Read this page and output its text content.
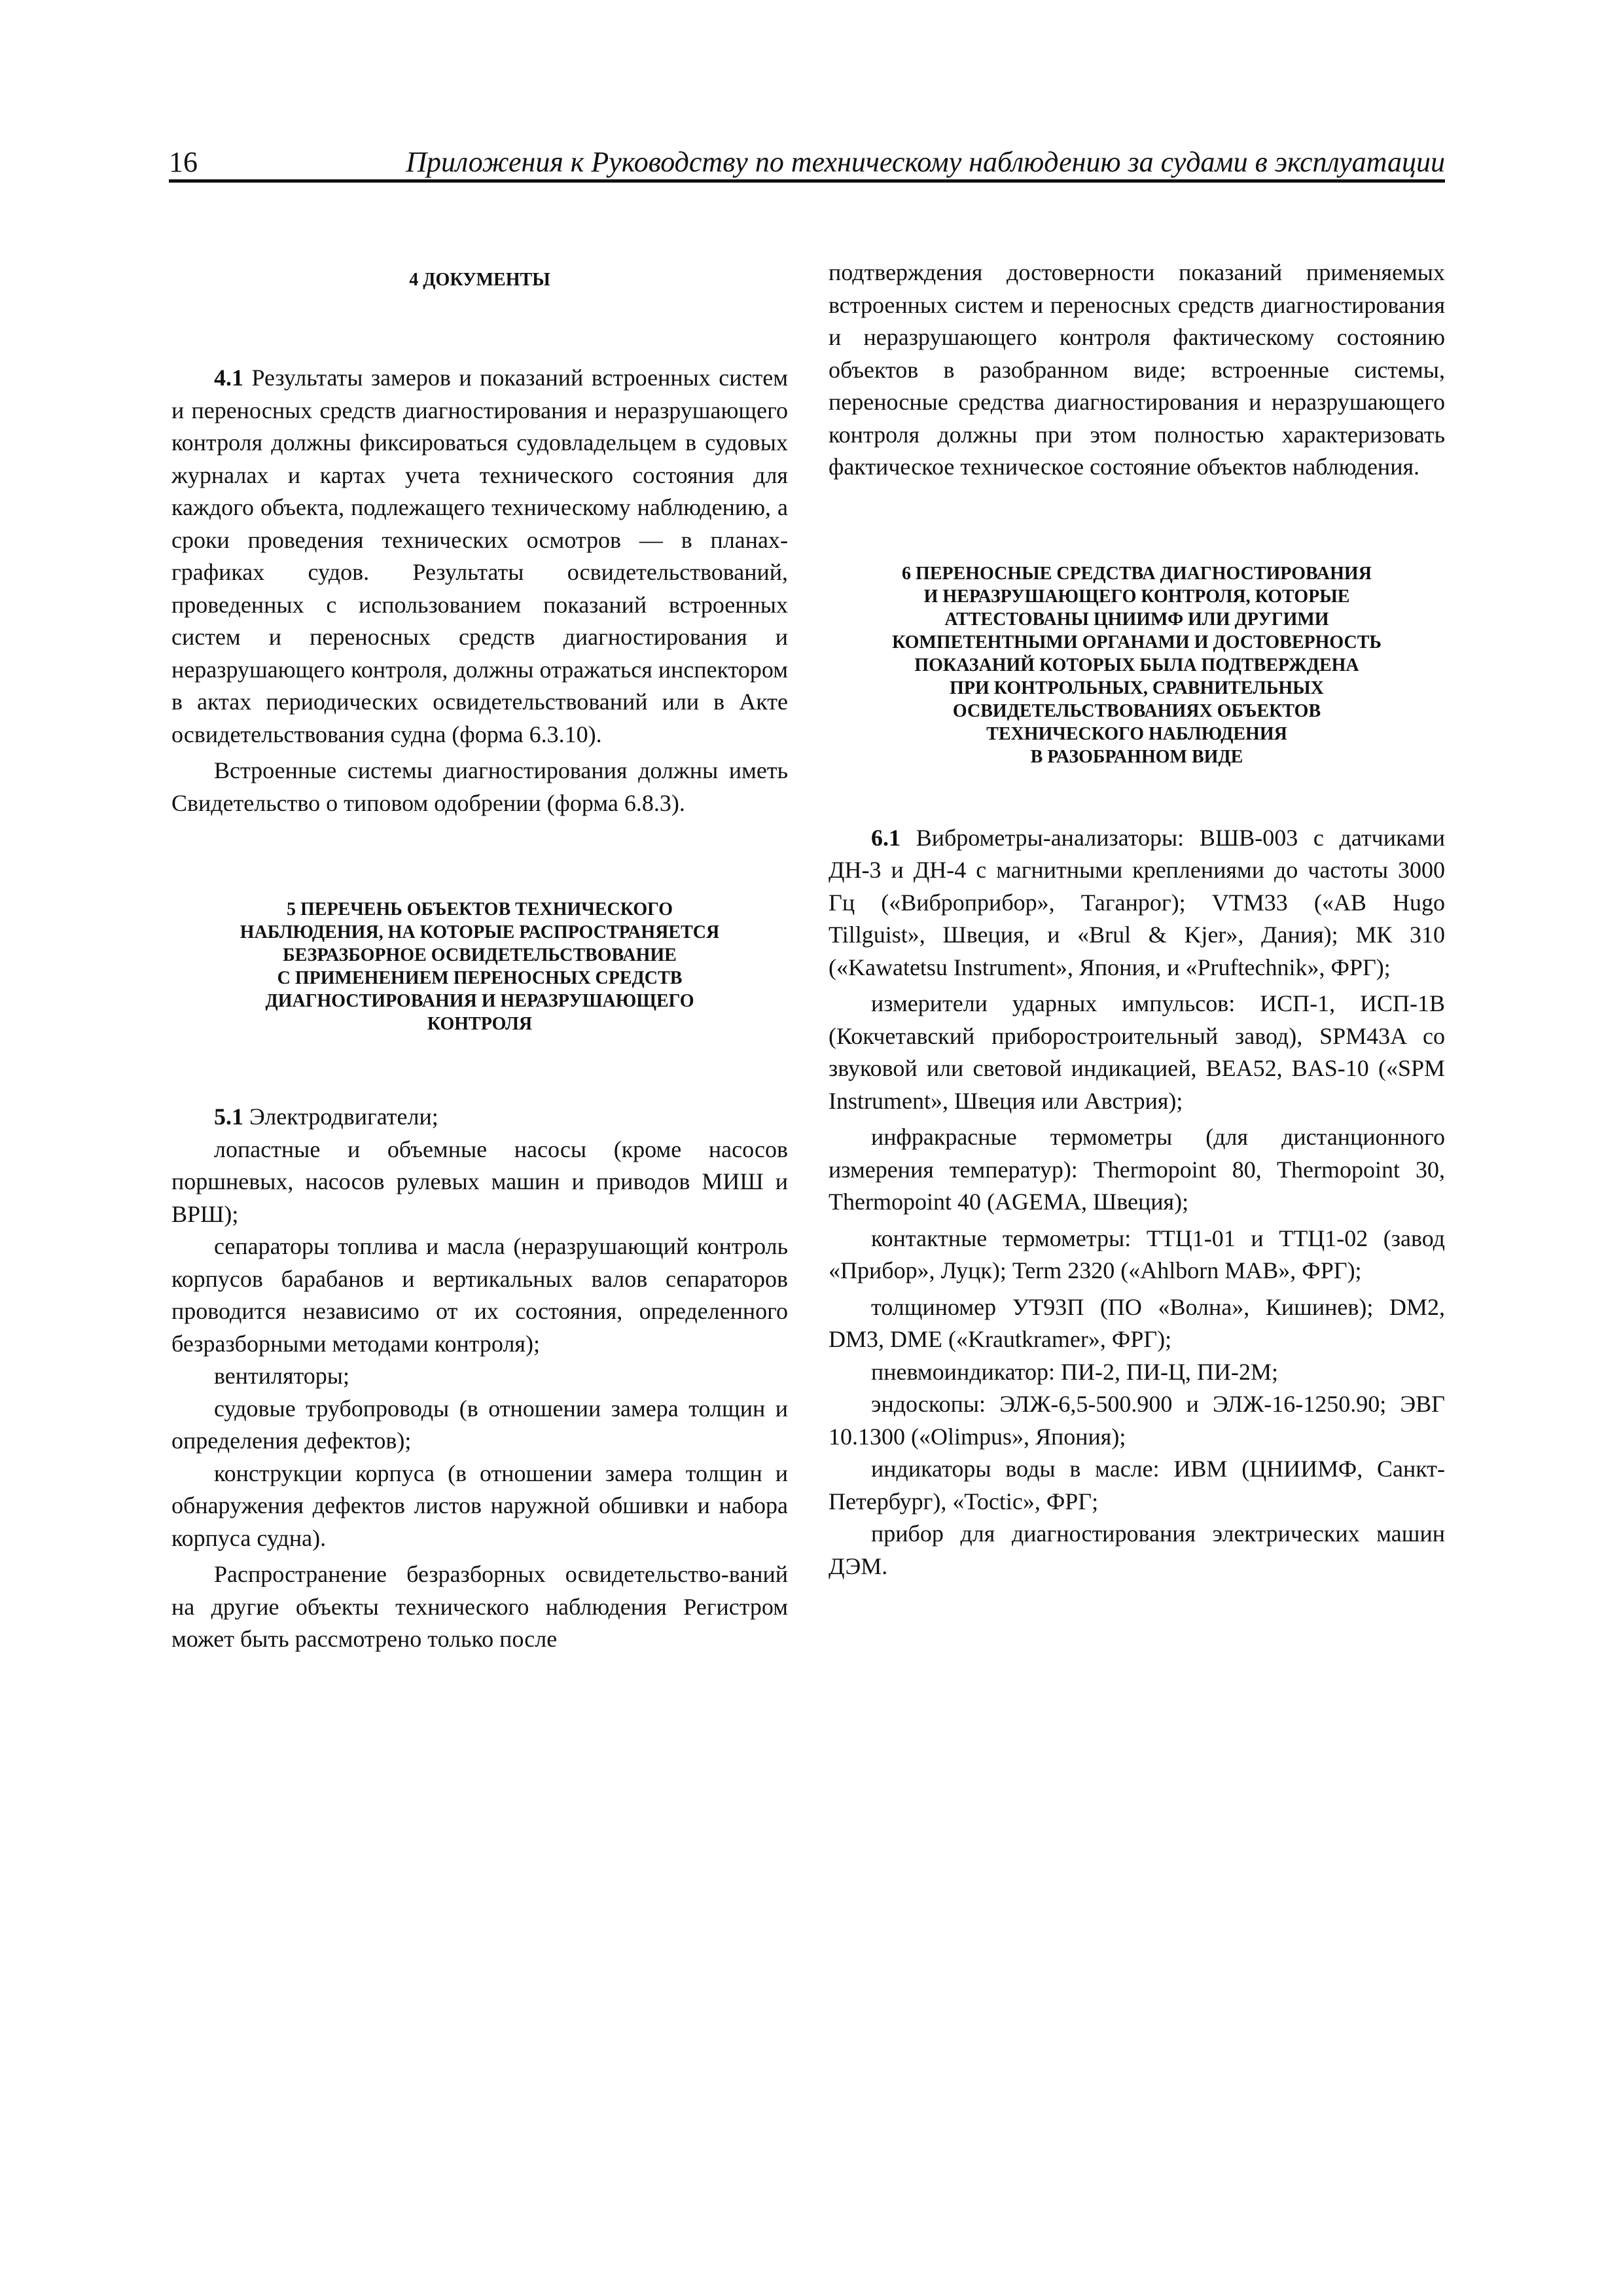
16	Приложения к Руководству по техническому наблюдению за судами в эксплуатации
4 ДОКУМЕНТЫ

4.1 Результаты замеров и показаний встроенных систем и переносных средств диагностирования и неразрушающего контроля должны фиксироваться судовладельцем в судовых журналах и картах учета технического состояния для каждого объекта, подлежащего техническому наблюдению, а сроки проведения технических осмотров — в планах-графиках судов. Результаты освидетельствований, проведенных с использованием показаний встроенных систем и переносных средств диагностирования и неразрушающего контроля, должны отражаться инспектором в актах периодических освидетельствований или в Акте освидетельствования судна (форма 6.3.10).

Встроенные системы диагностирования должны иметь Свидетельство о типовом одобрении (форма 6.8.3).

5 ПЕРЕЧЕНЬ ОБЪЕКТОВ ТЕХНИЧЕСКОГО
НАБЛЮДЕНИЯ, НА КОТОРЫЕ РАСПРОСТРАНЯЕТСЯ
БЕЗРАЗБОРНОЕ ОСВИДЕТЕЛЬСТВОВАНИЕ
С ПРИМЕНЕНИЕМ ПЕРЕНОСНЫХ СРЕДСТВ
ДИАГНОСТИРОВАНИЯ И НЕРАЗРУШАЮЩЕГО
КОНТРОЛЯ

5.1 Электродвигатели;

лопастные и объемные насосы (кроме насосов поршневых, насосов рулевых машин и приводов МИШ и ВРШ);

сепараторы топлива и масла (неразрушающий контроль корпусов барабанов и вертикальных валов сепараторов проводится независимо от их состояния, определенного безразборными методами контроля);

вентиляторы;

судовые трубопроводы (в отношении замера толщин и определения дефектов);

конструкции корпуса (в отношении замера толщин и обнаружения дефектов листов наружной обшивки и набора корпуса судна).

Распространение безразборных освидетельство-ваний на другие объекты технического наблюдения Регистром может быть рассмотрено только после

подтверждения достоверности показаний применяемых встроенных систем и переносных средств диагностирования и неразрушающего контроля фактическому состоянию объектов в разобранном виде; встроенные системы, переносные средства диагностирования и неразрушающего контроля должны при этом полностью характеризовать фактическое техническое состояние объектов наблюдения.

6 ПЕРЕНОСНЫЕ СРЕДСТВА ДИАГНОСТИРОВАНИЯ
И НЕРАЗРУШАЮЩЕГО КОНТРОЛЯ, КОТОРЫЕ
АТТЕСТОВАНЫ ЦНИИМФ ИЛИ ДРУГИМИ
КОМПЕТЕНТНЫМИ ОРГАНАМИ И ДОСТОВЕРНОСТЬ
ПОКАЗАНИЙ КОТОРЫХ БЫЛА ПОДТВЕРЖДЕНА
ПРИ КОНТРОЛЬНЫХ, СРАВНИТЕЛЬНЫХ
ОСВИДЕТЕЛЬСТВОВАНИЯХ ОБЪЕКТОВ
ТЕХНИЧЕСКОГО НАБЛЮДЕНИЯ
В РАЗОБРАННОМ ВИДЕ

6.1 Виброметры-анализаторы: ВШВ-003 с датчиками ДН-3 и ДН-4 с магнитными креплениями до частоты 3000 Гц («Виброприбор», Таганрог); VTM33 («AB Hugo Tillguist», Швеция, и «Brul & Kjer», Дания); МК 310 («Kawatetsu Instrument», Япония, и «Pruftechnik», ФРГ);

измерители ударных импульсов: ИСП-1, ИСП-1В (Кокчетавский приборостроительный завод), SPM43A со звуковой или световой индикацией, BEA52, BAS-10 («SPM Instrument», Швеция или Австрия);

инфракрасные термометры (для дистанционного измерения температур): Thermopoint 80, Thermopoint 30, Thermopoint 40 (AGEMA, Швеция);

контактные термометры: ТТЦ1-01 и ТТЦ1-02 (завод «Прибор», Луцк); Term 2320 («Ahlborn MAB», ФРГ);

толщиномер УТ93П (ПО «Волна», Кишинев); DM2, DM3, DME («Krautkramer», ФРГ);

пневмоиндикатор: ПИ-2, ПИ-Ц, ПИ-2М;

эндоскопы: ЭЛЖ-6,5-500.900 и ЭЛЖ-16-1250.90; ЭВГ 10.1300 («Olimpus», Япония);

индикаторы воды в масле: ИВМ (ЦНИИМФ, Санкт-Петербург), «Toctic», ФРГ;

прибор для диагностирования электрических машин ДЭМ.
